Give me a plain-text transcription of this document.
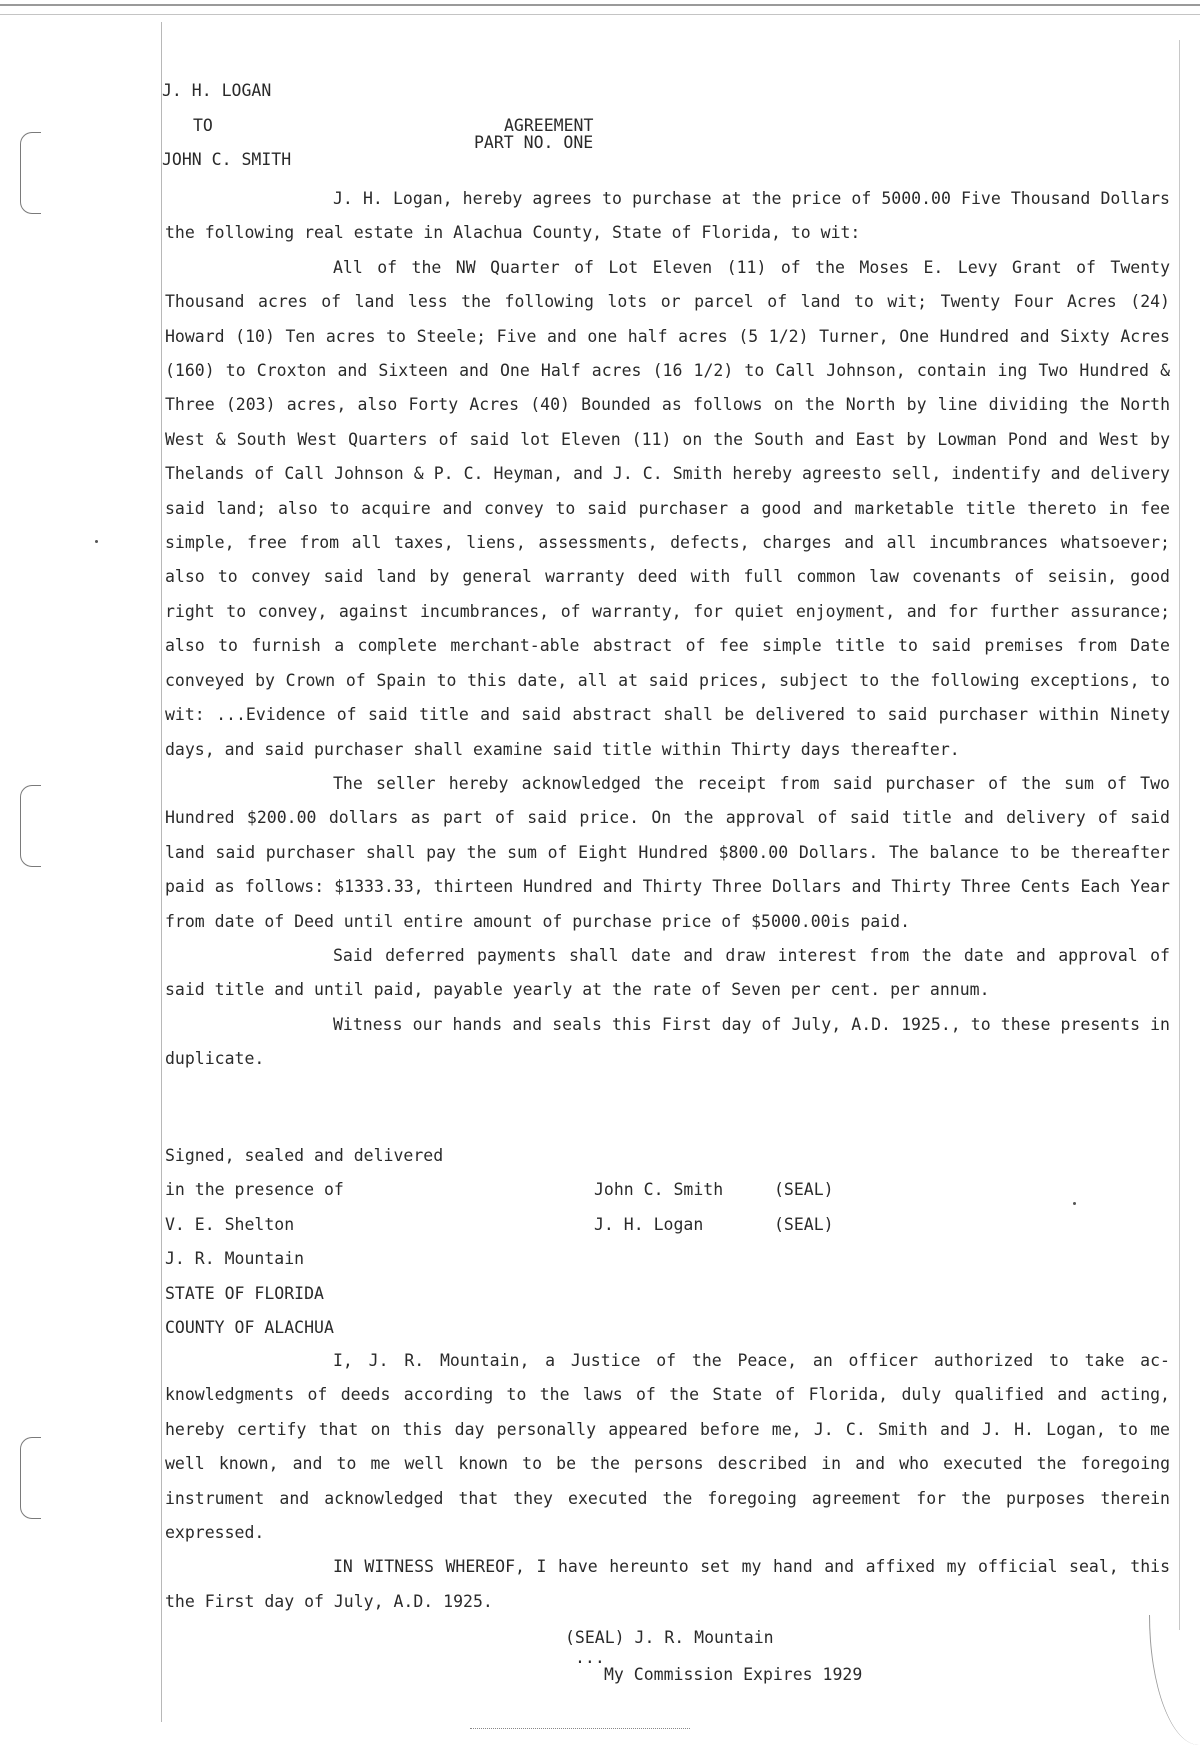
J. H. LOGAN
TO
JOHN C. SMITH
AGREEMENT
PART NO. ONE

J. H. Logan, hereby agrees to purchase at the price of 5000.00 Five Thousand Dollars the following real estate in Alachua County, State of Florida, to wit:

All of the NW Quarter of Lot Eleven (11) of the Moses E. Levy Grant of Twenty Thousand acres of land less the following lots or parcel of land to wit; Twenty Four Acres (24) Howard (10) Ten acres to Steele; Five and one half acres (5 1/2) Turner, One Hundred and Sixty Acres (160) to Croxton and Sixteen and One Half acres (16 1/2) to Call Johnson, contain ing Two Hundred & Three (203) acres, also Forty Acres (40) Bounded as follows on the North by line dividing the North West & South West Quarters of said lot Eleven (11) on the South and East by Lowman Pond and West by Thelands of Call Johnson & P. C. Heyman, and J. C. Smith hereby agreesto sell, indentify and delivery said land; also to acquire and convey to said purchaser a good and marketable title thereto in fee simple, free from all taxes, liens, assessments, defects, charges and all incumbrances whatsoever; also to convey said land by general warranty deed with full common law covenants of seisin, good right to convey, against incumbrances, of warranty, for quiet enjoyment, and for further assurance; also to furnish a complete merchant-able abstract of fee simple title to said premises from Date conveyed by Crown of Spain to this date, all at said prices, subject to the following exceptions, to wit: ...Evidence of said title and said abstract shall be delivered to said purchaser within Ninety days, and said purchaser shall examine said title within Thirty days thereafter.

The seller hereby acknowledged the receipt from said purchaser of the sum of Two Hundred $200.00 dollars as part of said price. On the approval of said title and delivery of said land said purchaser shall pay the sum of Eight Hundred $800.00 Dollars. The balance to be thereafter paid as follows: $1333.33, thirteen Hundred and Thirty Three Dollars and Thirty Three Cents Each Year from date of Deed until entire amount of purchase price of $5000.00is paid.

Said deferred payments shall date and draw interest from the date and approval of said title and until paid, payable yearly at the rate of Seven per cent. per annum.

Witness our hands and seals this First day of July, A.D. 1925., to these presents in duplicate.

Signed, sealed and delivered
in the presence of
V. E. Shelton
J. R. Mountain
John C. Smith	(SEAL)
J. H. Logan	(SEAL)
STATE OF FLORIDA
COUNTY OF ALACHUA

I, J. R. Mountain, a Justice of the Peace, an officer authorized to take ac-knowledgments of deeds according to the laws of the State of Florida, duly qualified and acting, hereby certify that on this day personally appeared before me, J. C. Smith and J. H. Logan, to me well known, and to me well known to be the persons described in and who executed the foregoing instrument and acknowledged that they executed the foregoing agreement for the purposes therein expressed.

IN WITNESS WHEREOF, I have hereunto set my hand and affixed my official seal, this the First day of July, A.D. 1925.

(SEAL) J. R. Mountain
...
My Commission Expires 1929
